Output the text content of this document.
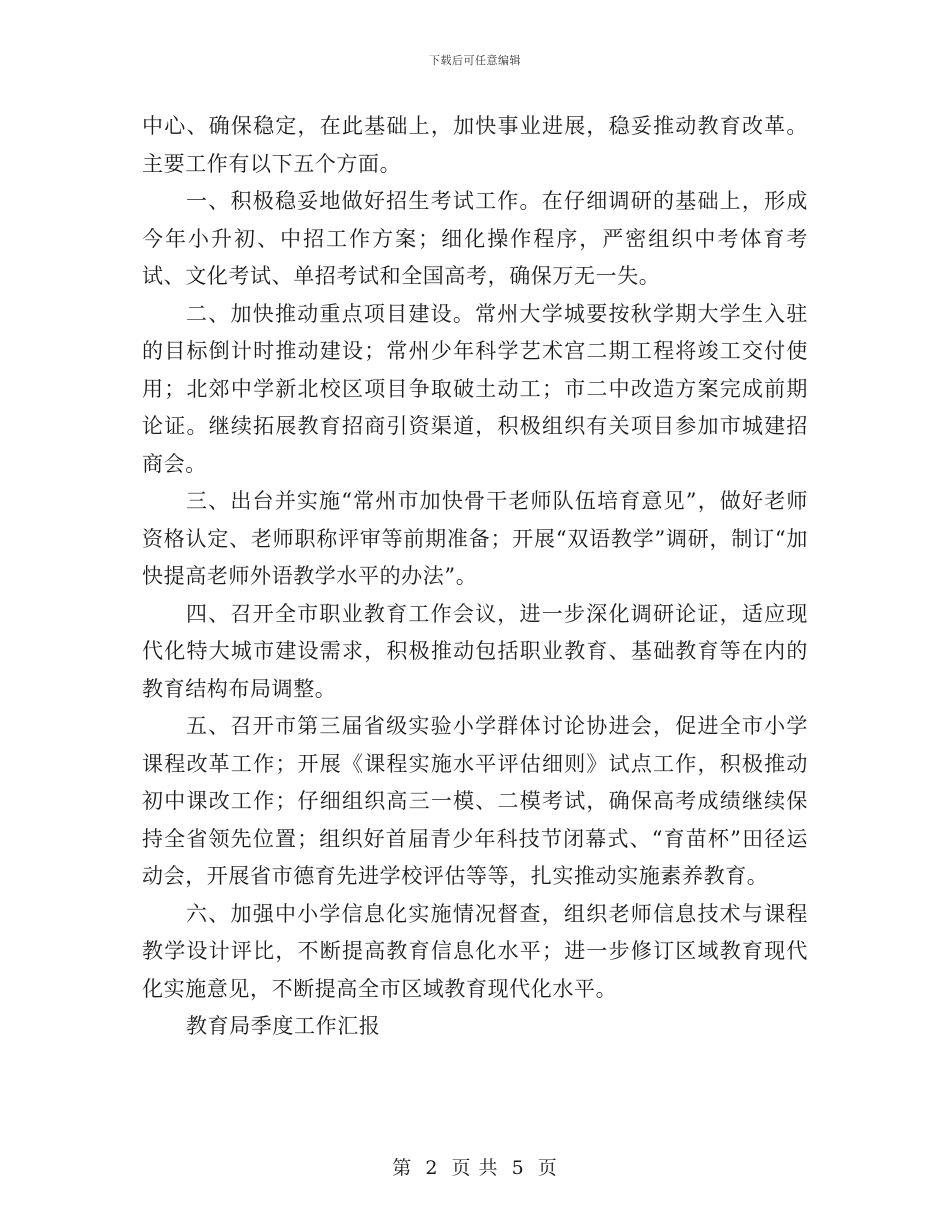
下载后可任意编辑

中心、确保稳定，在此基础上，加快事业进展，稳妥推动教育改革。主要工作有以下五个方面。

一、积极稳妥地做好招生考试工作。在仔细调研的基础上，形成今年小升初、中招工作方案；细化操作程序，严密组织中考体育考试、文化考试、单招考试和全国高考，确保万无一失。

二、加快推动重点项目建设。常州大学城要按秋学期大学生入驻的目标倒计时推动建设；常州少年科学艺术宫二期工程将竣工交付使用；北郊中学新北校区项目争取破土动工；市二中改造方案完成前期论证。继续拓展教育招商引资渠道，积极组织有关项目参加市城建招商会。

三、出台并实施“常州市加快骨干老师队伍培育意见”，做好老师资格认定、老师职称评审等前期准备；开展“双语教学”调研，制订“加快提高老师外语教学水平的办法”。

四、召开全市职业教育工作会议，进一步深化调研论证，适应现代化特大城市建设需求，积极推动包括职业教育、基础教育等在内的教育结构布局调整。

五、召开市第三届省级实验小学群体讨论协进会，促进全市小学课程改革工作；开展《课程实施水平评估细则》试点工作，积极推动初中课改工作；仔细组织高三一模、二模考试，确保高考成绩继续保持全省领先位置；组织好首届青少年科技节闭幕式、“育苗杯”田径运动会，开展省市德育先进学校评估等等，扎实推动实施素养教育。

六、加强中小学信息化实施情况督查，组织老师信息技术与课程教学设计评比，不断提高教育信息化水平；进一步修订区域教育现代化实施意见，不断提高全市区域教育现代化水平。

教育局季度工作汇报

第 2 页 共 5 页
